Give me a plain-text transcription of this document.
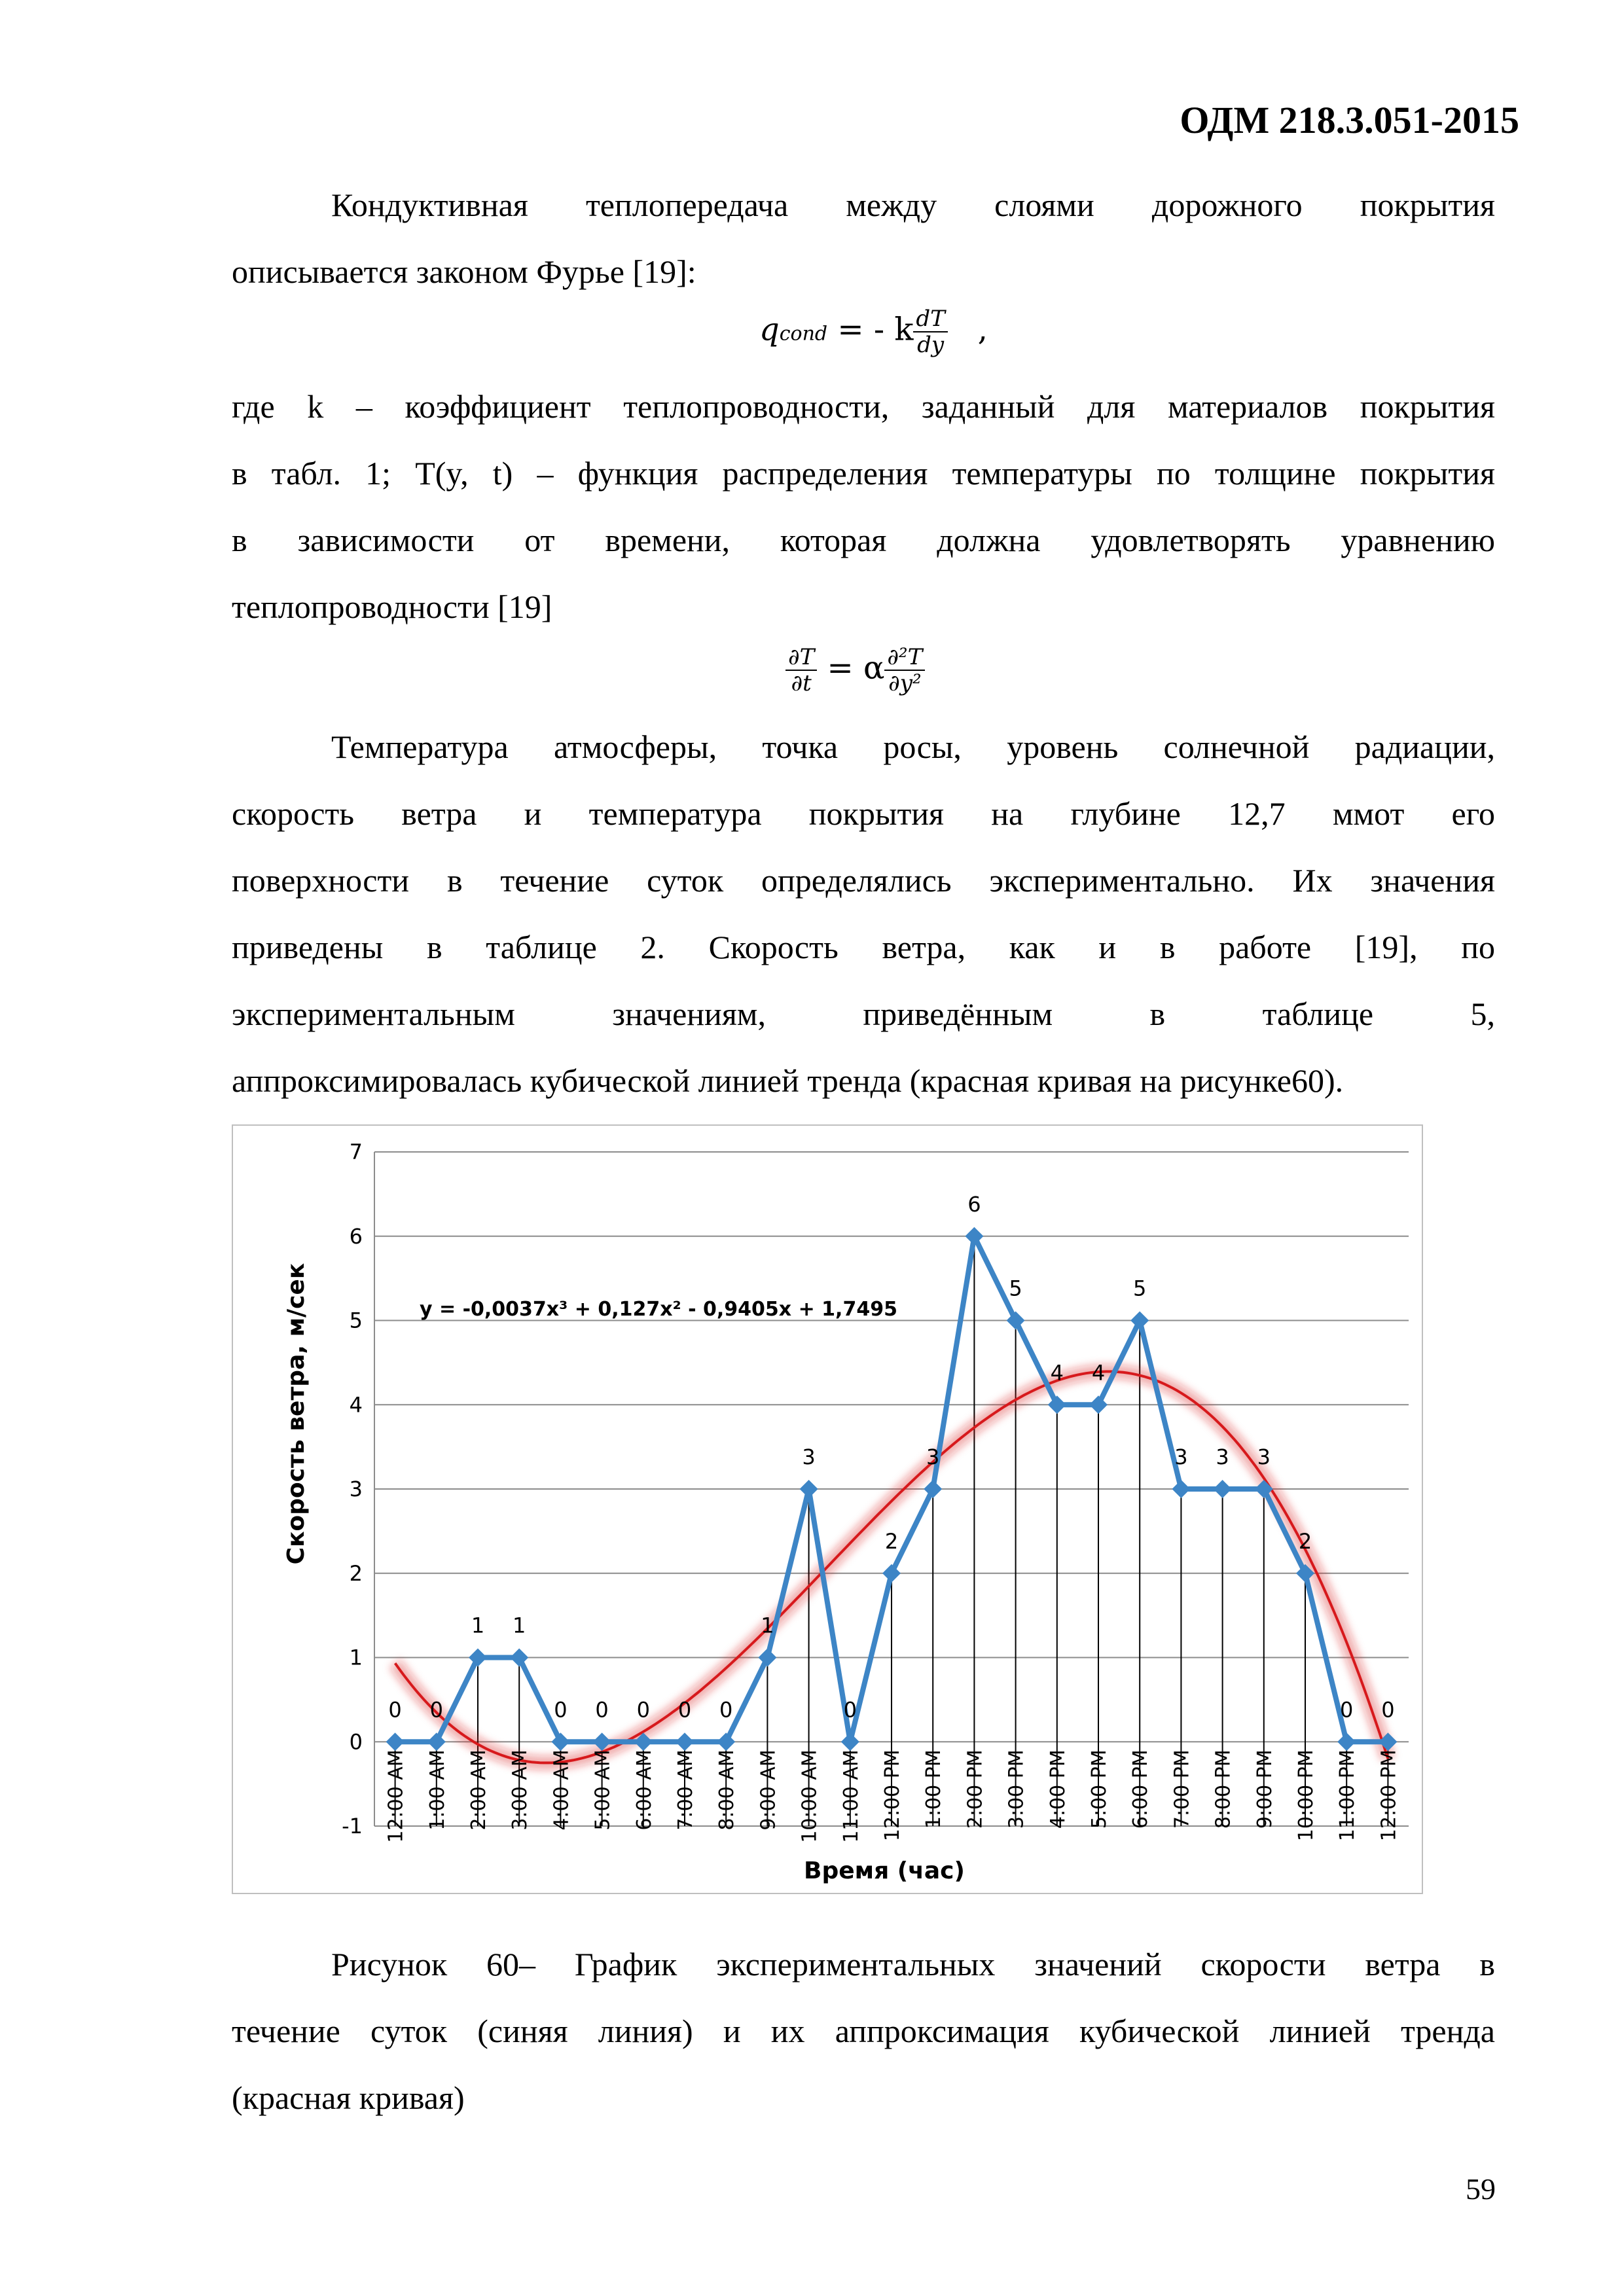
ОДМ 218.3.051-2015
Кондуктивная теплопередача между слоями дорожного покрытия
описывается законом Фурье [19]:
qcond = - k $\frac{dT}{dy}$ ,
где k – коэффициент теплопроводности, заданный для материалов покрытия
в табл. 1; T(y, t) – функция распределения температуры по толщине покрытия
в зависимости от времени, которая должна удовлетворять уравнению
теплопроводности [19]
$\frac{\partial T}{\partial t} = \alpha \frac{\text{∂²T}}{\text{∂y²}}$
Температура атмосферы, точка росы, уровень солнечной радиации,
скорость ветра и температура покрытия на глубине 12,7 ммот его
поверхности в течение суток определялись экспериментально. Их значения
приведены в таблице 2. Скорость ветра, как и в работе [19], по
экспериментальным значениям, приведённым в таблице 5,
аппроксимировалась кубической линией тренда (красная кривая на рисунке60).
0 0
1 1
0 0 0 0 0
1
3
0
2
3
6
5
4 4
5
3 3 3
2
0 0
-1
0
1
2
3
4
5
6
7
12:00 AM 1:00 AM 2:00 AM 3:00 AM 4:00 AM 5:00 AM 6:00 AM 7:00 AM 8:00 AM 9:00 AM 10:00 AM 11:00 AM 12:00 PM 1:00 PM 2:00 PM 3:00 PM 4:00 PM 5:00 PM 6:00 PM 7:00 PM 8:00 PM 9:00 PM 10:00 PM 11:00 PM 12:00 PM
y = -0,0037x³ + 0,127x² - 0,9405x + 1,7495
Время (час)
Скорость ветра, м/сек
Рисунок 60– График экспериментальных значений скорости ветра в
течение суток (синяя линия) и их аппроксимация кубической линией тренда
(красная кривая)
59
